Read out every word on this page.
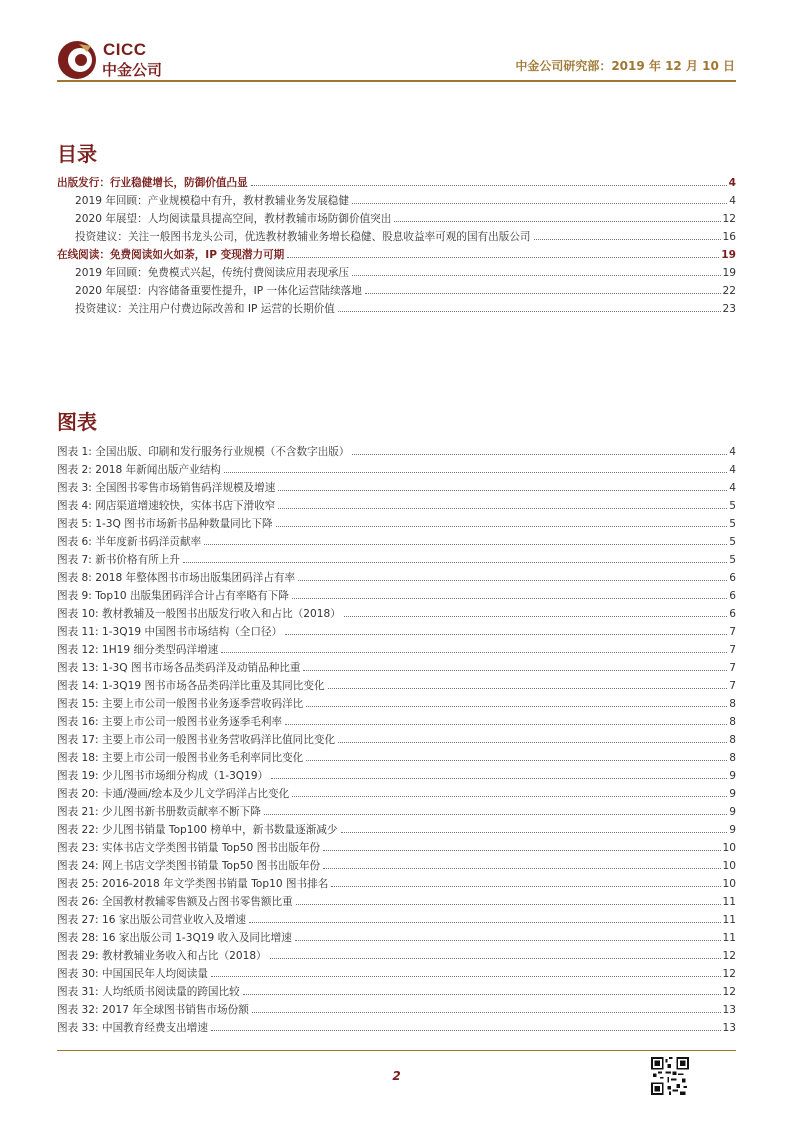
CICC
中金公司	中金公司研究部：2019 年 12 月 10 日
目录
出版发行：行业稳健增长，防御价值凸显	4
2019 年回顾：产业规模稳中有升，教材教辅业务发展稳健	4
2020 年展望：人均阅读量具提高空间，教材教辅市场防御价值突出	12
投资建议：关注一般图书龙头公司，优选教材教辅业务增长稳健、股息收益率可观的国有出版公司	16
在线阅读：免费阅读如火如荼，IP 变现潜力可期	19
2019 年回顾：免费模式兴起，传统付费阅读应用表现承压	19
2020 年展望：内容储备重要性提升，IP 一体化运营陆续落地	22
投资建议：关注用户付费边际改善和 IP 运营的长期价值	23
图表
图表 1: 全国出版、印刷和发行服务行业规模（不含数字出版）	4
图表 2: 2018 年新闻出版产业结构	4
图表 3: 全国图书零售市场销售码洋规模及增速	4
图表 4: 网店渠道增速较快，实体书店下滑收窄	5
图表 5: 1-3Q 图书市场新书品种数量同比下降	5
图表 6: 半年度新书码洋贡献率	5
图表 7: 新书价格有所上升	5
图表 8: 2018 年整体图书市场出版集团码洋占有率	6
图表 9: Top10 出版集团码洋合计占有率略有下降	6
图表 10: 教材教辅及一般图书出版发行收入和占比（2018）	6
图表 11: 1-3Q19 中国图书市场结构（全口径）	7
图表 12: 1H19 细分类型码洋增速	7
图表 13: 1-3Q 图书市场各品类码洋及动销品种比重	7
图表 14: 1-3Q19 图书市场各品类码洋比重及其同比变化	7
图表 15: 主要上市公司一般图书业务逐季营收码洋比	8
图表 16: 主要上市公司一般图书业务逐季毛利率	8
图表 17: 主要上市公司一般图书业务营收码洋比值同比变化	8
图表 18: 主要上市公司一般图书业务毛利率同比变化	8
图表 19: 少儿图书市场细分构成（1-3Q19）	9
图表 20: 卡通/漫画/绘本及少儿文学码洋占比变化	9
图表 21: 少儿图书新书册数贡献率不断下降	9
图表 22: 少儿图书销量 Top100 榜单中，新书数量逐渐减少	9
图表 23: 实体书店文学类图书销量 Top50 图书出版年份	10
图表 24: 网上书店文学类图书销量 Top50 图书出版年份	10
图表 25: 2016-2018 年文学类图书销量 Top10 图书排名	10
图表 26: 全国教材教辅零售额及占图书零售额比重	11
图表 27: 16 家出版公司营业收入及增速	11
图表 28: 16 家出版公司 1-3Q19 收入及同比增速	11
图表 29: 教材教辅业务收入和占比（2018）	12
图表 30: 中国国民年人均阅读量	12
图表 31: 人均纸质书阅读量的跨国比较	12
图表 32: 2017 年全球图书销售市场份额	13
图表 33: 中国教育经费支出增速	13
2
